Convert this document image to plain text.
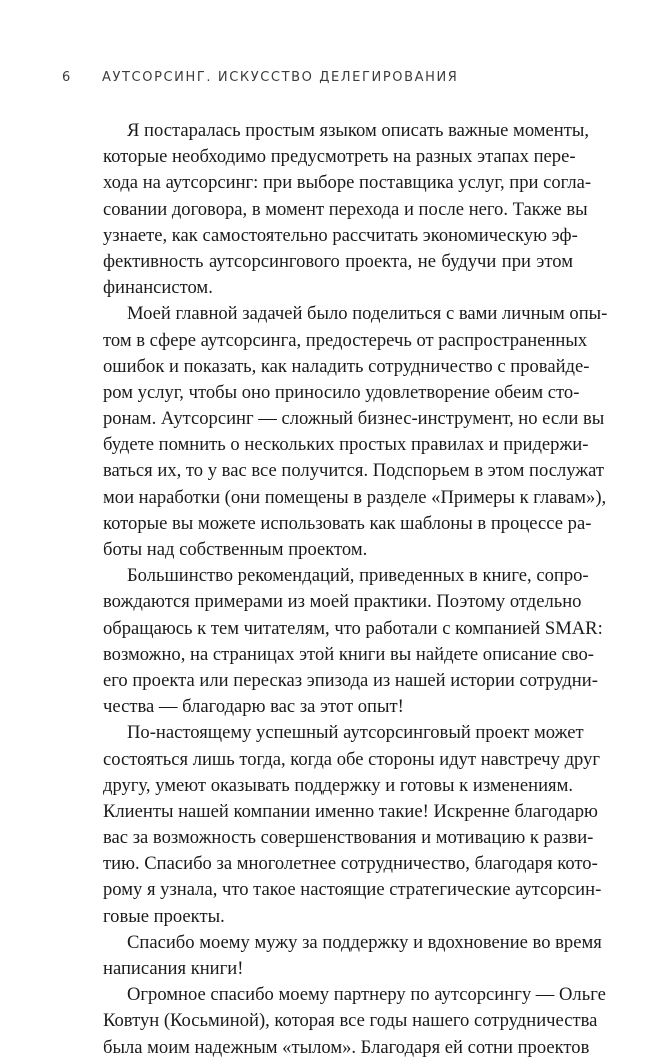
6 АУТСОРСИНГ. ИСКУССТВО ДЕЛЕГИРОВАНИЯ
Я постаралась простым языком описать важные моменты,
которые необходимо предусмотреть на разных этапах пере-
хода на аутсорсинг: при выборе поставщика услуг, при согла-
совании договора, в момент перехода и после него. Также вы
узнаете, как самостоятельно рассчитать экономическую эф-
фективность аутсорсингового проекта, не будучи при этом
финансистом.
Моей главной задачей было поделиться с вами личным опы-
том в сфере аутсорсинга, предостеречь от распространенных
ошибок и показать, как наладить сотрудничество с провайде-
ром услуг, чтобы оно приносило удовлетворение обеим сто-
ронам. Аутсорсинг — сложный бизнес-инструмент, но если вы
будете помнить о нескольких простых правилах и придержи-
ваться их, то у вас все получится. Подспорьем в этом послужат
мои наработки (они помещены в разделе «Примеры к главам»),
которые вы можете использовать как шаблоны в процессе ра-
боты над собственным проектом.
Большинство рекомендаций, приведенных в книге, сопро-
вождаются примерами из моей практики. Поэтому отдельно
обращаюсь к тем читателям, что работали с компанией SMAR:
возможно, на страницах этой книги вы найдете описание сво-
его проекта или пересказ эпизода из нашей истории сотрудни-
чества — благодарю вас за этот опыт!
По-настоящему успешный аутсорсинговый проект может
состояться лишь тогда, когда обе стороны идут навстречу друг
другу, умеют оказывать поддержку и готовы к изменениям.
Клиенты нашей компании именно такие! Искренне благодарю
вас за возможность совершенствования и мотивацию к разви-
тию. Спасибо за многолетнее сотрудничество, благодаря кото-
рому я узнала, что такое настоящие стратегические аутсорсин-
говые проекты.
Спасибо моему мужу за поддержку и вдохновение во время
написания книги!
Огромное спасибо моему партнеру по аутсорсингу — Ольге
Ковтун (Косьминой), которая все годы нашего сотрудничества
была моим надежным «тылом». Благодаря ей сотни проектов
